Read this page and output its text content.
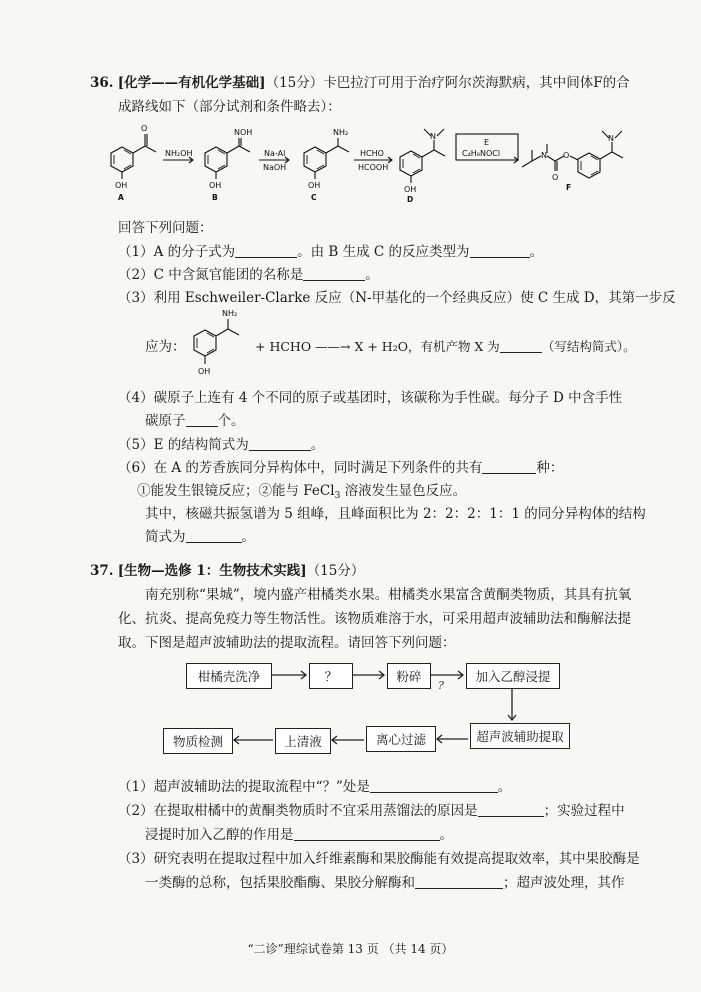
36. [化学——有机化学基础]（15分）卡巴拉汀可用于治疗阿尔茨海默病，其中间体F的合
成路线如下（部分试剂和条件略去）：
O
OH
NOH
OH
NH₂
OH
N
OH
N O
O
N
NH₂OH	Na-Al
NaOH
HCHO
HCOOH
E
C₄H₈NOCl
A	B	C	D
F
回答下列问题：
（1）A 的分子式为	。由 B 生成 C 的反应类型为	。
（2）C 中含氮官能团的名称是	。
（3）利用 Eschweiler-Clarke 反应（N-甲基化的一个经典反应）使 C 生成 D，其第一步反
NH₂
OH
应为：	+ HCHO ——→ X + H₂O，有机产物 X 为	（写结构简式）。
（4）碳原子上连有 4 个不同的原子或基团时，该碳称为手性碳。每分子 D 中含手性
碳原子 个。
（5）E 的结构简式为	。
（6）在 A 的芳香族同分异构体中，同时满足下列条件的共有	种：
①能发生银镜反应；②能与 FeCl$_3$ 溶液发生显色反应。
其中，核磁共振氢谱为 5 组峰，且峰面积比为 2：2：2：1：1 的同分异构体的结构
简式为	。
37. [生物—选修 1：生物技术实践]（15分）
南充别称“果城”，境内盛产柑橘类水果。柑橘类水果富含黄酮类物质，其具有抗氧
化、抗炎、提高免疫力等生物活性。该物质难溶于水，可采用超声波辅助法和酶解法提
取。下图是超声波辅助法的提取流程。请回答下列问题：
柑橘壳洗净	？	粉碎	加入乙醇浸提
超声波辅助提取
离心过滤
上清液
物质检测
?
（1）超声波辅助法的提取流程中“？”处是	。
（2）在提取柑橘中的黄酮类物质时不宜采用蒸馏法的原因是	；实验过程中
浸提时加入乙醇的作用是	。
（3）研究表明在提取过程中加入纤维素酶和果胶酶能有效提高提取效率，其中果胶酶是
一类酶的总称，包括果胶酯酶、果胶分解酶和	；超声波处理，其作
“二诊”理综试卷第 13 页 （共 14 页）
